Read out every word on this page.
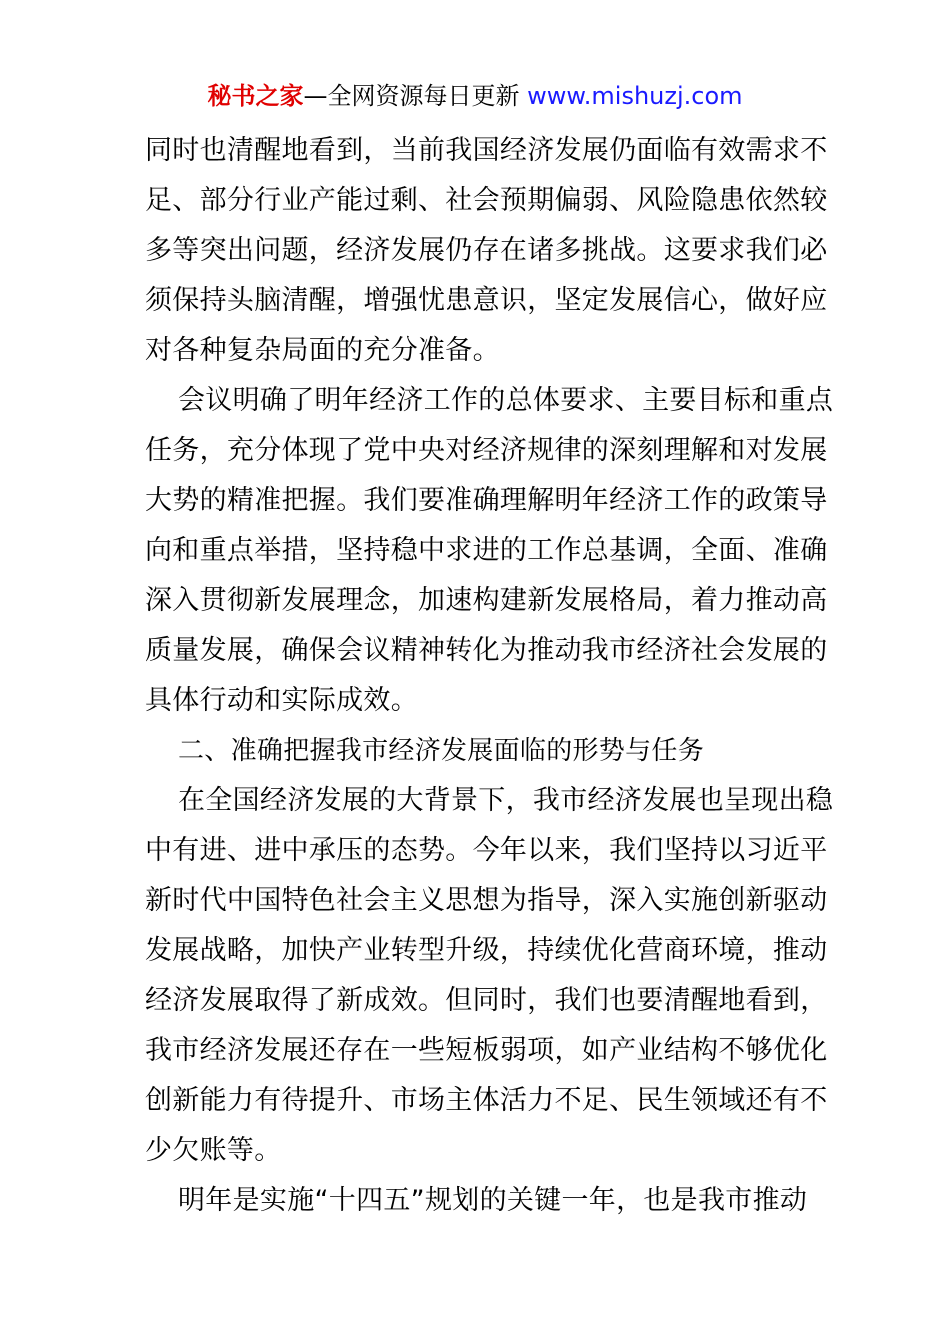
秘书之家—全网资源每日更新 www.mishuzj.com
同时也清醒地看到，当前我国经济发展仍面临有效需求不
足、部分行业产能过剩、社会预期偏弱、风险隐患依然较
多等突出问题，经济发展仍存在诸多挑战。这要求我们必
须保持头脑清醒，增强忧患意识，坚定发展信心，做好应
对各种复杂局面的充分准备。
会议明确了明年经济工作的总体要求、主要目标和重点
任务，充分体现了党中央对经济规律的深刻理解和对发展
大势的精准把握。我们要准确理解明年经济工作的政策导
向和重点举措，坚持稳中求进的工作总基调，全面、准确
深入贯彻新发展理念，加速构建新发展格局，着力推动高
质量发展，确保会议精神转化为推动我市经济社会发展的
具体行动和实际成效。
二、准确把握我市经济发展面临的形势与任务
在全国经济发展的大背景下，我市经济发展也呈现出稳
中有进、进中承压的态势。今年以来，我们坚持以习近平
新时代中国特色社会主义思想为指导，深入实施创新驱动
发展战略，加快产业转型升级，持续优化营商环境，推动
经济发展取得了新成效。但同时，我们也要清醒地看到，
我市经济发展还存在一些短板弱项，如产业结构不够优化
创新能力有待提升、市场主体活力不足、民生领域还有不
少欠账等。
明年是实施“十四五”规划的关键一年，也是我市推动
